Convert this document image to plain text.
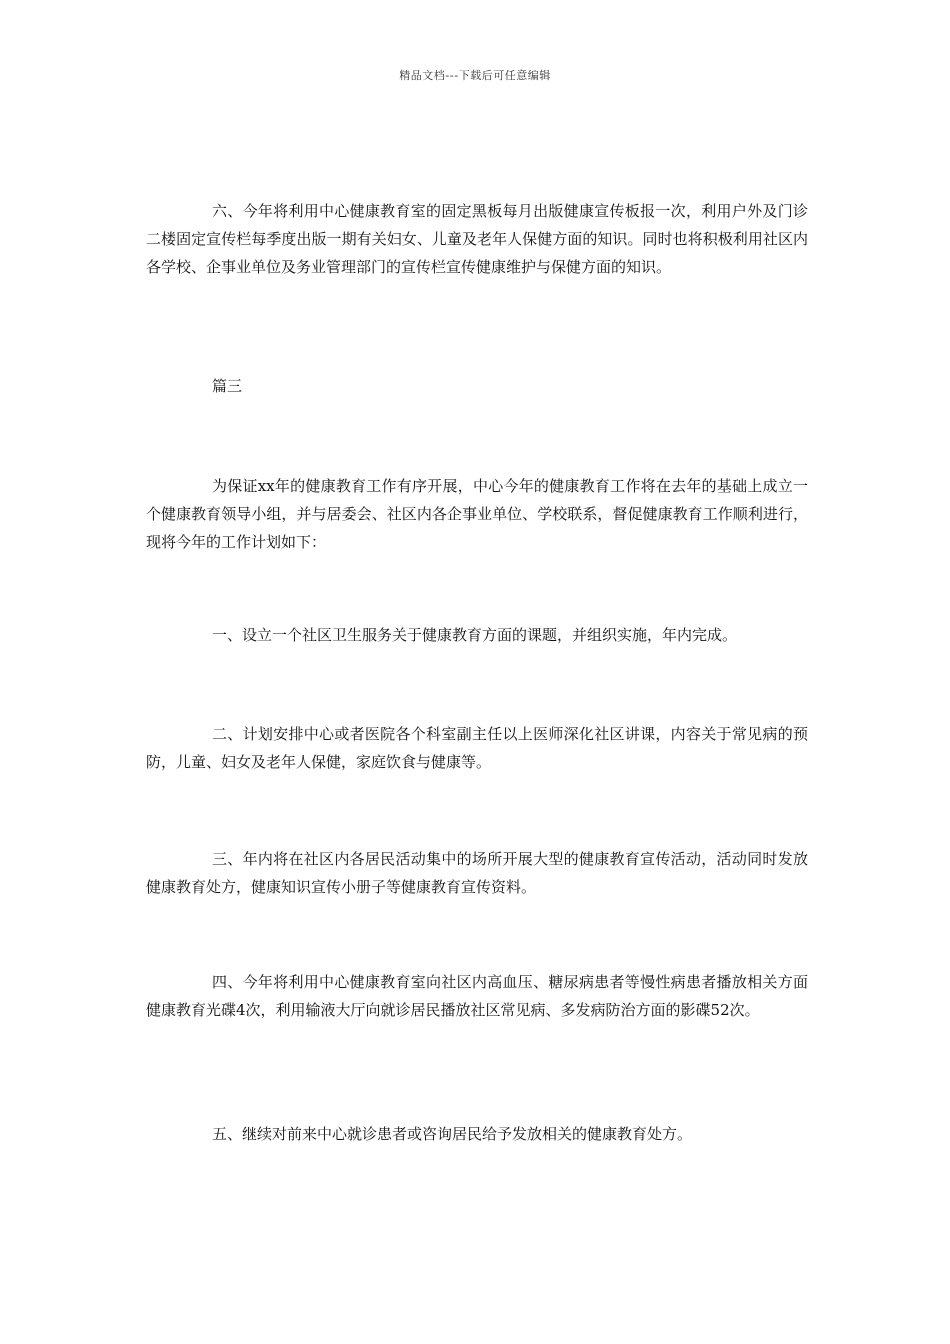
精品文档---下载后可任意编辑
六、今年将利用中心健康教育室的固定黑板每月出版健康宣传板报一次，利用户外及门诊二楼固定宣传栏每季度出版一期有关妇女、儿童及老年人保健方面的知识。同时也将积极利用社区内各学校、企事业单位及务业管理部门的宣传栏宣传健康维护与保健方面的知识。
篇三
为保证xx年的健康教育工作有序开展，中心今年的健康教育工作将在去年的基础上成立一个健康教育领导小组，并与居委会、社区内各企事业单位、学校联系，督促健康教育工作顺利进行，现将今年的工作计划如下：
一、设立一个社区卫生服务关于健康教育方面的课题，并组织实施，年内完成。
二、计划安排中心或者医院各个科室副主任以上医师深化社区讲课，内容关于常见病的预防，儿童、妇女及老年人保健，家庭饮食与健康等。
三、年内将在社区内各居民活动集中的场所开展大型的健康教育宣传活动，活动同时发放健康教育处方，健康知识宣传小册子等健康教育宣传资料。
四、今年将利用中心健康教育室向社区内高血压、糖尿病患者等慢性病患者播放相关方面健康教育光碟4次，利用输液大厅向就诊居民播放社区常见病、多发病防治方面的影碟52次。
五、继续对前来中心就诊患者或咨询居民给予发放相关的健康教育处方。
